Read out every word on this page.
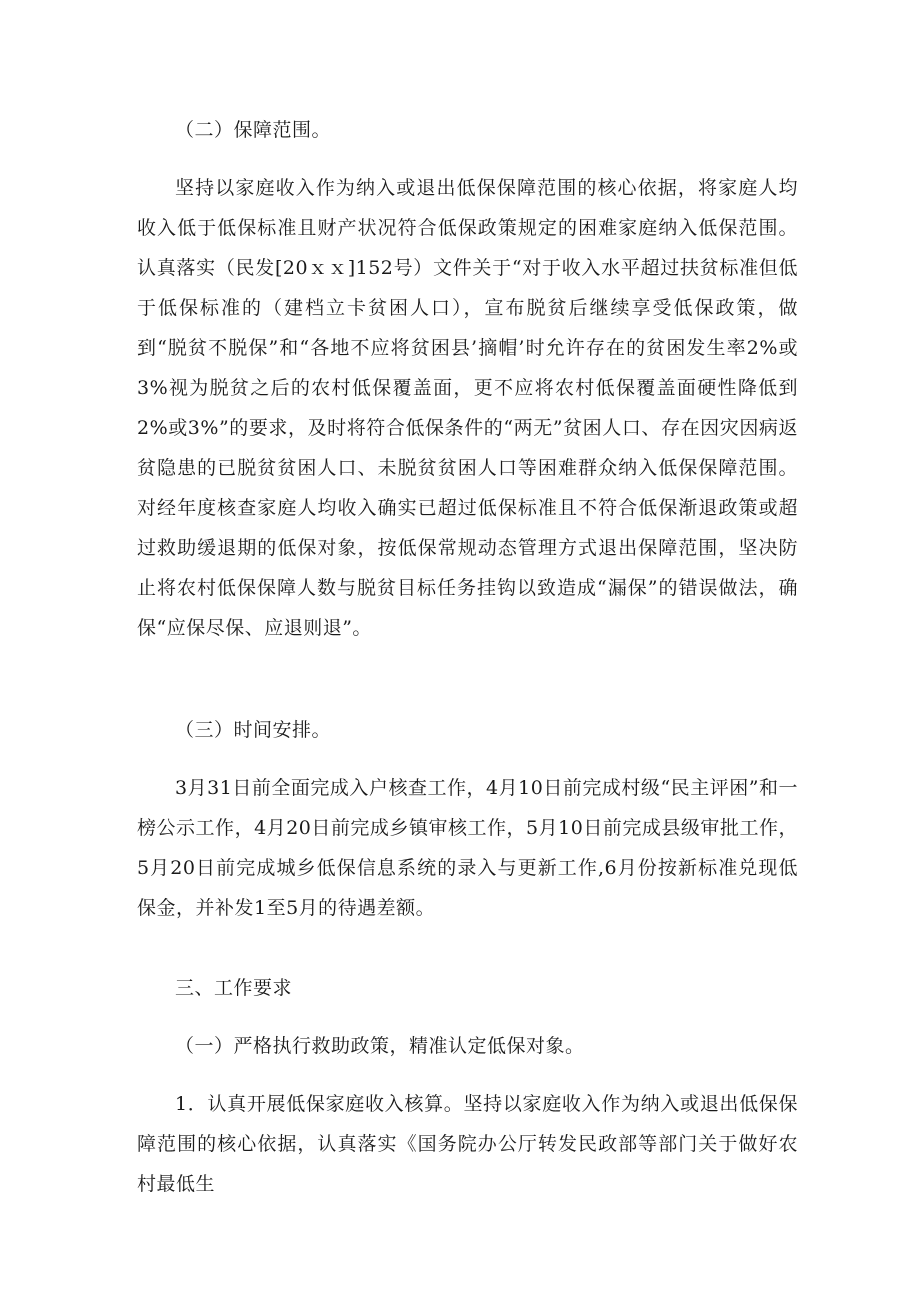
（二）保障范围。

坚持以家庭收入作为纳入或退出低保保障范围的核心依据，将家庭人均收入低于低保标准且财产状况符合低保政策规定的困难家庭纳入低保范围。认真落实（民发[20ｘｘ]152号）文件关于“对于收入水平超过扶贫标准但低于低保标准的（建档立卡贫困人口），宣布脱贫后继续享受低保政策，做到“脱贫不脱保”和“各地不应将贫困县’摘帽’时允许存在的贫困发生率2%或3%视为脱贫之后的农村低保覆盖面，更不应将农村低保覆盖面硬性降低到2%或3%”的要求，及时将符合低保条件的“两无”贫困人口、存在因灾因病返贫隐患的已脱贫贫困人口、未脱贫贫困人口等困难群众纳入低保保障范围。对经年度核查家庭人均收入确实已超过低保标准且不符合低保渐退政策或超过救助缓退期的低保对象，按低保常规动态管理方式退出保障范围，坚决防止将农村低保保障人数与脱贫目标任务挂钩以致造成“漏保”的错误做法，确保“应保尽保、应退则退”。

（三）时间安排。

3月31日前全面完成入户核查工作，4月10日前完成村级“民主评困”和一榜公示工作，4月20日前完成乡镇审核工作，5月10日前完成县级审批工作，5月20日前完成城乡低保信息系统的录入与更新工作,6月份按新标准兑现低保金，并补发1至5月的待遇差额。

三、工作要求

（一）严格执行救助政策，精准认定低保对象。

1．认真开展低保家庭收入核算。坚持以家庭收入作为纳入或退出低保保障范围的核心依据，认真落实《国务院办公厅转发民政部等部门关于做好农村最低生
